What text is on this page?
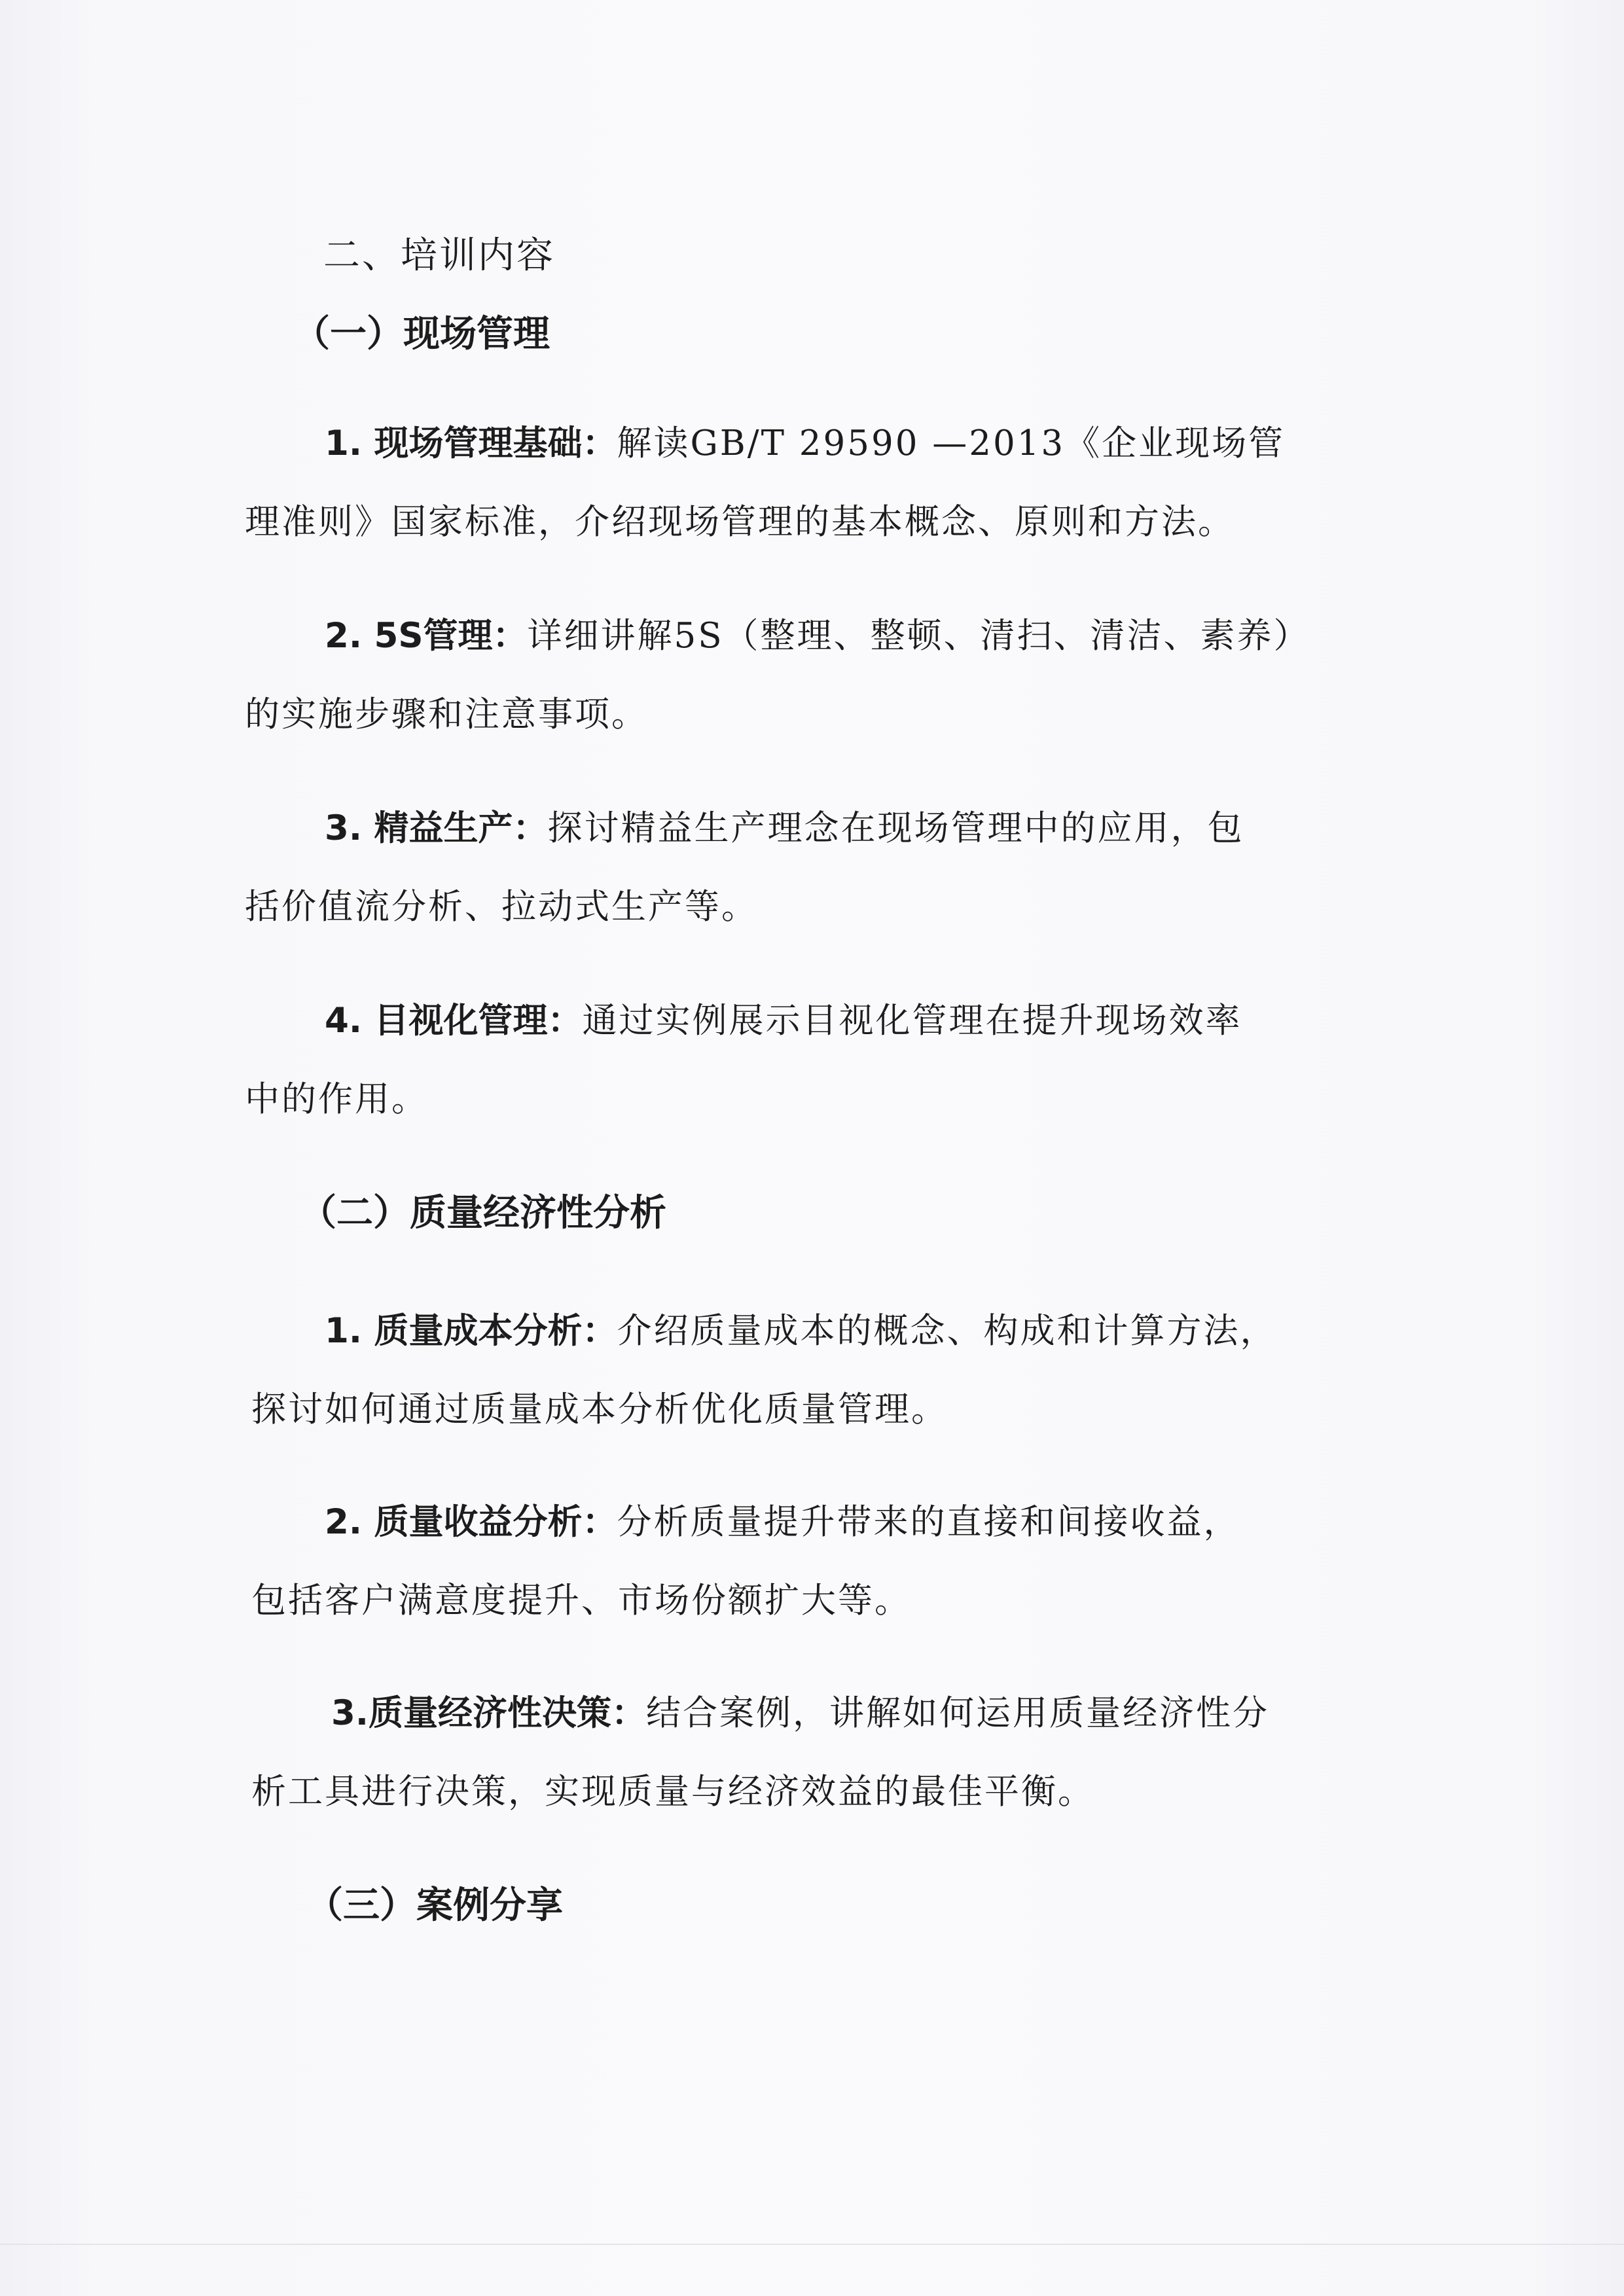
二、培训内容
（一）现场管理
1. 现场管理基础：解读GB/T 29590 —2013《企业现场管
理准则》国家标准，介绍现场管理的基本概念、原则和方法。
2. 5S管理：详细讲解5S（整理、整顿、清扫、清洁、素养）
的实施步骤和注意事项。
3. 精益生产：探讨精益生产理念在现场管理中的应用，包
括价值流分析、拉动式生产等。
4. 目视化管理：通过实例展示目视化管理在提升现场效率
中的作用。
（二）质量经济性分析
1. 质量成本分析：介绍质量成本的概念、构成和计算方法，
探讨如何通过质量成本分析优化质量管理。
2. 质量收益分析：分析质量提升带来的直接和间接收益，
包括客户满意度提升、市场份额扩大等。
3.质量经济性决策：结合案例，讲解如何运用质量经济性分
析工具进行决策，实现质量与经济效益的最佳平衡。
（三）案例分享
